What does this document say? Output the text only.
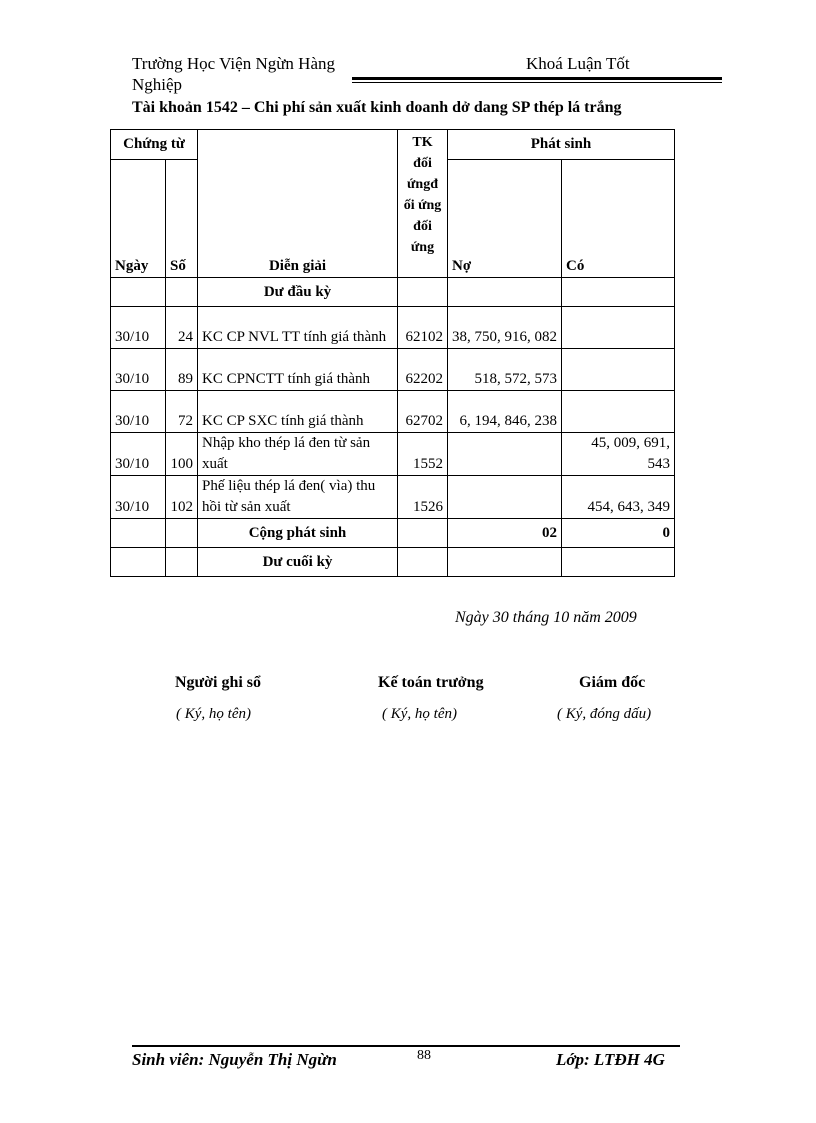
Trường Học Viện Ngừn Hàng	Khoá Luận Tốt
Nghiệp
Tài khoản 1542 – Chi phí sản xuất kinh doanh dở dang SP thép lá trắng
Chứng từ		Diễn giải	TK đối ứngđ ối ứng đối ứng	Phát sinh	
Ngày	Số			Nợ	Có
		Dư đầu kỳ			
30/10	24	KC CP NVL TT tính giá thành	62102	38, 750, 916, 082	
30/10	89	KC CPNCTT tính giá thành	62202	518, 572, 573	
30/10	72	KC CP SXC tính giá thành	62702	6, 194, 846, 238	
30/10	100	Nhập kho thép lá đen từ sản xuất	1552		45, 009, 691, 543
30/10	102	Phế liệu thép lá đen( vìa) thu hồi từ sản xuất	1526		454, 643, 349
		Cộng phát sinh		02	0
		Dư cuối kỳ			
Ngày 30 tháng 10 năm 2009
Người ghi sổ	Kế toán trưởng	Giám đốc
( Ký, họ tên)	( Ký, họ tên)	( Ký, đóng dấu)
Sinh viên: Nguyễn Thị Ngừn	88	Lớp: LTĐH 4G
